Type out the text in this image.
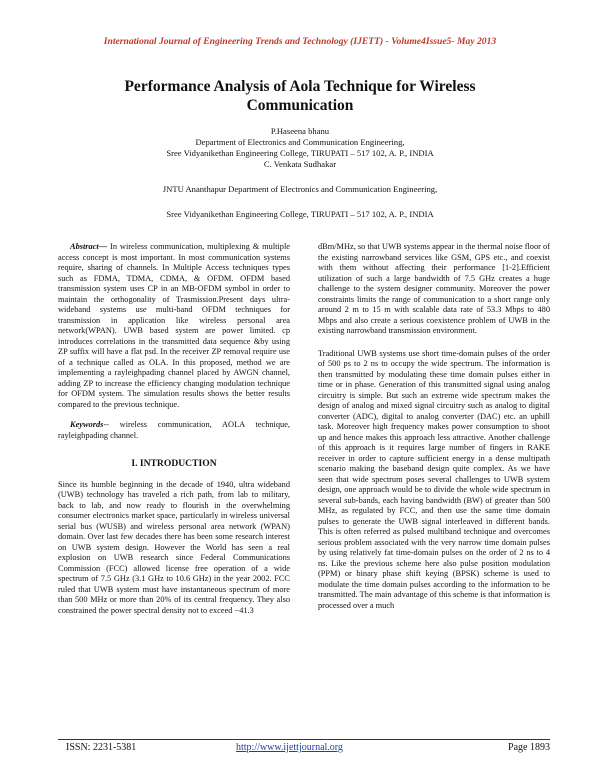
International Journal of Engineering Trends and Technology (IJETT) - Volume4Issue5- May 2013
Performance Analysis of Aola Technique for Wireless
Communication
P.Haseena bhanu
Department of Electronics and Communication Engineering,
Sree Vidyanikethan Engineering College, TIRUPATI – 517 102, A. P., INDIA
C. Venkata Sudhakar
JNTU Ananthapur Department of Electronics and Communication Engineering,
Sree Vidyanikethan Engineering College, TIRUPATI – 517 102, A. P., INDIA

Abstract— In wireless communication, multiplexing & multiple access concept is most important. In most communication systems require, sharing of channels. In Multiple Access techniques types such as FDMA, TDMA, CDMA, & OFDM. OFDM based transmission system uses CP in an MB-OFDM symbol in order to maintain the orthogonality of Trasmission.Present days ultra-wideband systems use multi-band OFDM techniques for transmission in application like wireless personal area network(WPAN). UWB based system are power limited. cp introduces correlations in the transmitted data sequence &by using ZP suffix will have a flat psd. In the receiver ZP removal require use of a technique called as OLA. In this proposed, method we are implementing a rayleighpading channel placed by AWGN channel, adding ZP to increase the efficiency changing modulation technique for OFDM system. The simulation results shows the better results compared to the previous technique.

Keywords-- wireless communication, AOLA technique, rayleighpading channel.

I. INTRODUCTION

Since its humble beginning in the decade of 1940, ultra wideband (UWB) technology has traveled a rich path, from lab to military, back to lab, and now ready to flourish in the overwhelming consumer electronics market space, particularly in wireless universal serial bus (WUSB) and wireless personal area network (WPAN) domain. Over last few decades there has been some research interest on UWB system design. However the World has seen a real explosion on UWB research since Federal Communications Commission (FCC) allowed license free operation of a wide spectrum of 7.5 GHz (3.1 GHz to 10.6 GHz) in the year 2002. FCC ruled that UWB system must have instantaneous spectrum of more than 500 MHz or more than 20% of its central frequency. They also constrained the power spectral density not to exceed −41.3

dBm/MHz, so that UWB systems appear in the thermal noise floor of the existing narrowband services like GSM, GPS etc., and coexist with them without affecting their performance [1-2].Efficient utilization of such a large bandwidth of 7.5 GHz creates a huge challenge to the system designer community. Moreover the power constraints limits the range of communication to a short range only around 2 m to 15 m with scalable data rate of 53.3 Mbps to 480 Mbps and also create a serious coexistence problem of UWB in the existing narrowband transmission environment.

Traditional UWB systems use short time-domain pulses of the order of 500 ps to 2 ns to occupy the wide spectrum. The information is then transmitted by modulating these time domain pulses either in time or in phase. Generation of this transmitted signal using analog circuitry is simple. But such an extreme wide spectrum makes the design of analog and mixed signal circuitry such as analog to digital converter (ADC), digital to analog converter (DAC) etc. an uphill task. Moreover high frequency makes power consumption to shoot up and hence makes this approach less attractive. Another challenge of this approach is it requires large number of fingers in RAKE receiver in order to capture sufficient energy in a dense multipath scenario making the baseband design quite complex. As we have seen that wide spectrum poses several challenges to UWB system design, one approach would be to divide the whole wide spectrum in several sub-bands, each having bandwidth (BW) of greater than 500 MHz, as regulated by FCC, and then use the same time domain pulses to generate the UWB signal interleaved in different bands. This is often referred as pulsed multiband technique and overcomes serious problem associated with the very narrow time domain pulses by using relatively fat time-domain pulses on the order of 2 ns to 4 ns. Like the previous scheme here also pulse position modulation (PPM) or binary phase shift keying (BPSK) scheme is used to modulate the time domain pulses according to the information to be transmitted. The main advantage of this scheme is that information is processed over a much

ISSN: 2231-5381	http://www.ijettjournal.org	Page 1893
